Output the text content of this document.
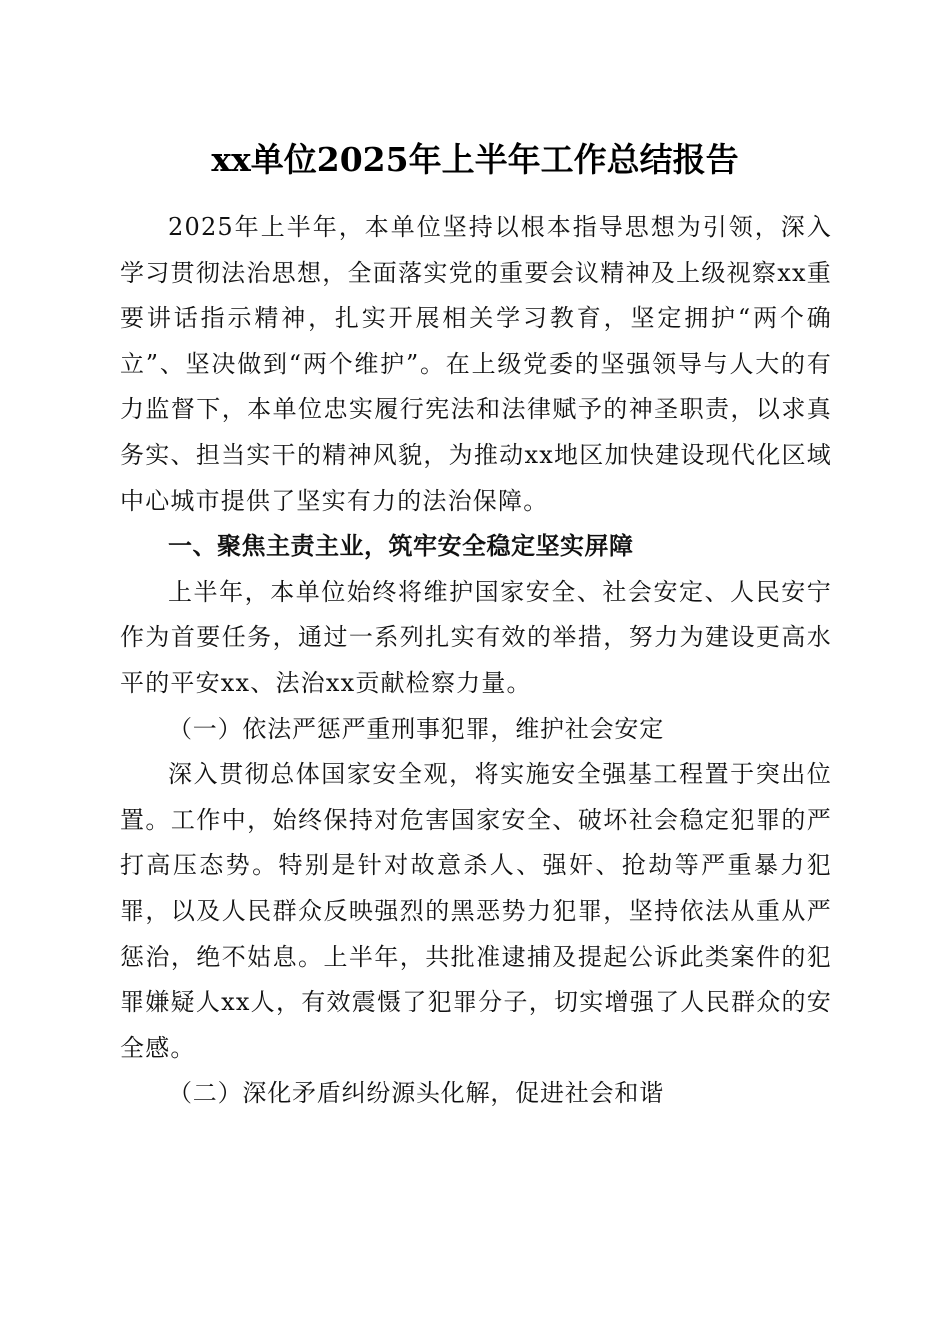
xx单位2025年上半年工作总结报告

2025年上半年，本单位坚持以根本指导思想为引领，深入学习贯彻法治思想，全面落实党的重要会议精神及上级视察xx重要讲话指示精神，扎实开展相关学习教育，坚定拥护“两个确立”、坚决做到“两个维护”。在上级党委的坚强领导与人大的有力监督下，本单位忠实履行宪法和法律赋予的神圣职责，以求真务实、担当实干的精神风貌，为推动xx地区加快建设现代化区域中心城市提供了坚实有力的法治保障。

一、聚焦主责主业，筑牢安全稳定坚实屏障

上半年，本单位始终将维护国家安全、社会安定、人民安宁作为首要任务，通过一系列扎实有效的举措，努力为建设更高水平的平安xx、法治xx贡献检察力量。

（一）依法严惩严重刑事犯罪，维护社会安定

深入贯彻总体国家安全观，将实施安全强基工程置于突出位置。工作中，始终保持对危害国家安全、破坏社会稳定犯罪的严打高压态势。特别是针对故意杀人、强奸、抢劫等严重暴力犯罪，以及人民群众反映强烈的黑恶势力犯罪，坚持依法从重从严惩治，绝不姑息。上半年，共批准逮捕及提起公诉此类案件的犯罪嫌疑人xx人，有效震慑了犯罪分子，切实增强了人民群众的安全感。

（二）深化矛盾纠纷源头化解，促进社会和谐
